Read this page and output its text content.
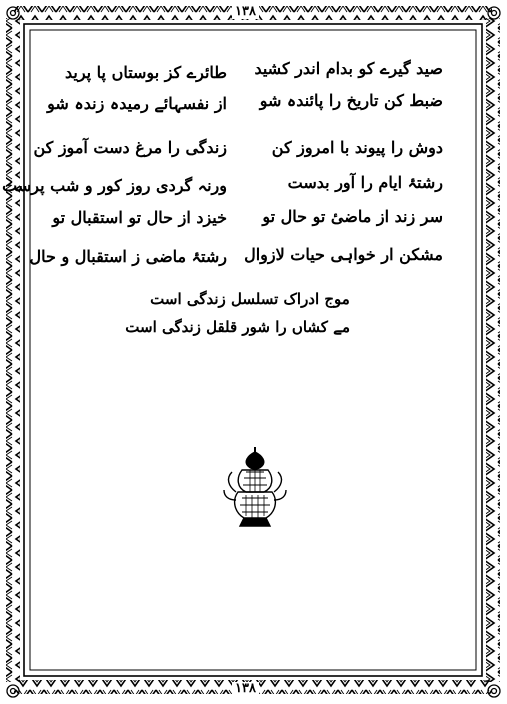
۱۳۸
۱۳۸
صید گیرے کو بدام اندر کشید
طائرے کز بوستاں پا پرید
ضبط کن تاریخ را پائندہ شو
از نفسہائے رمیدہ زندہ شو
دوش را پیوند با امروز کن
زندگی را مرغ دست آموز کن
رشتۂ ایام را آور بدست
ورنہ گردی روز کور و شب پرست
سر زند از ماضیٔ تو حال تو
خیزد از حال تو استقبال تو
مشکن ار خواہی حیات لازوال
رشتۂ ماضی ز استقبال و حال
موج ادراک تسلسل زندگی است
مے کشاں را شور قلقل زندگی است
